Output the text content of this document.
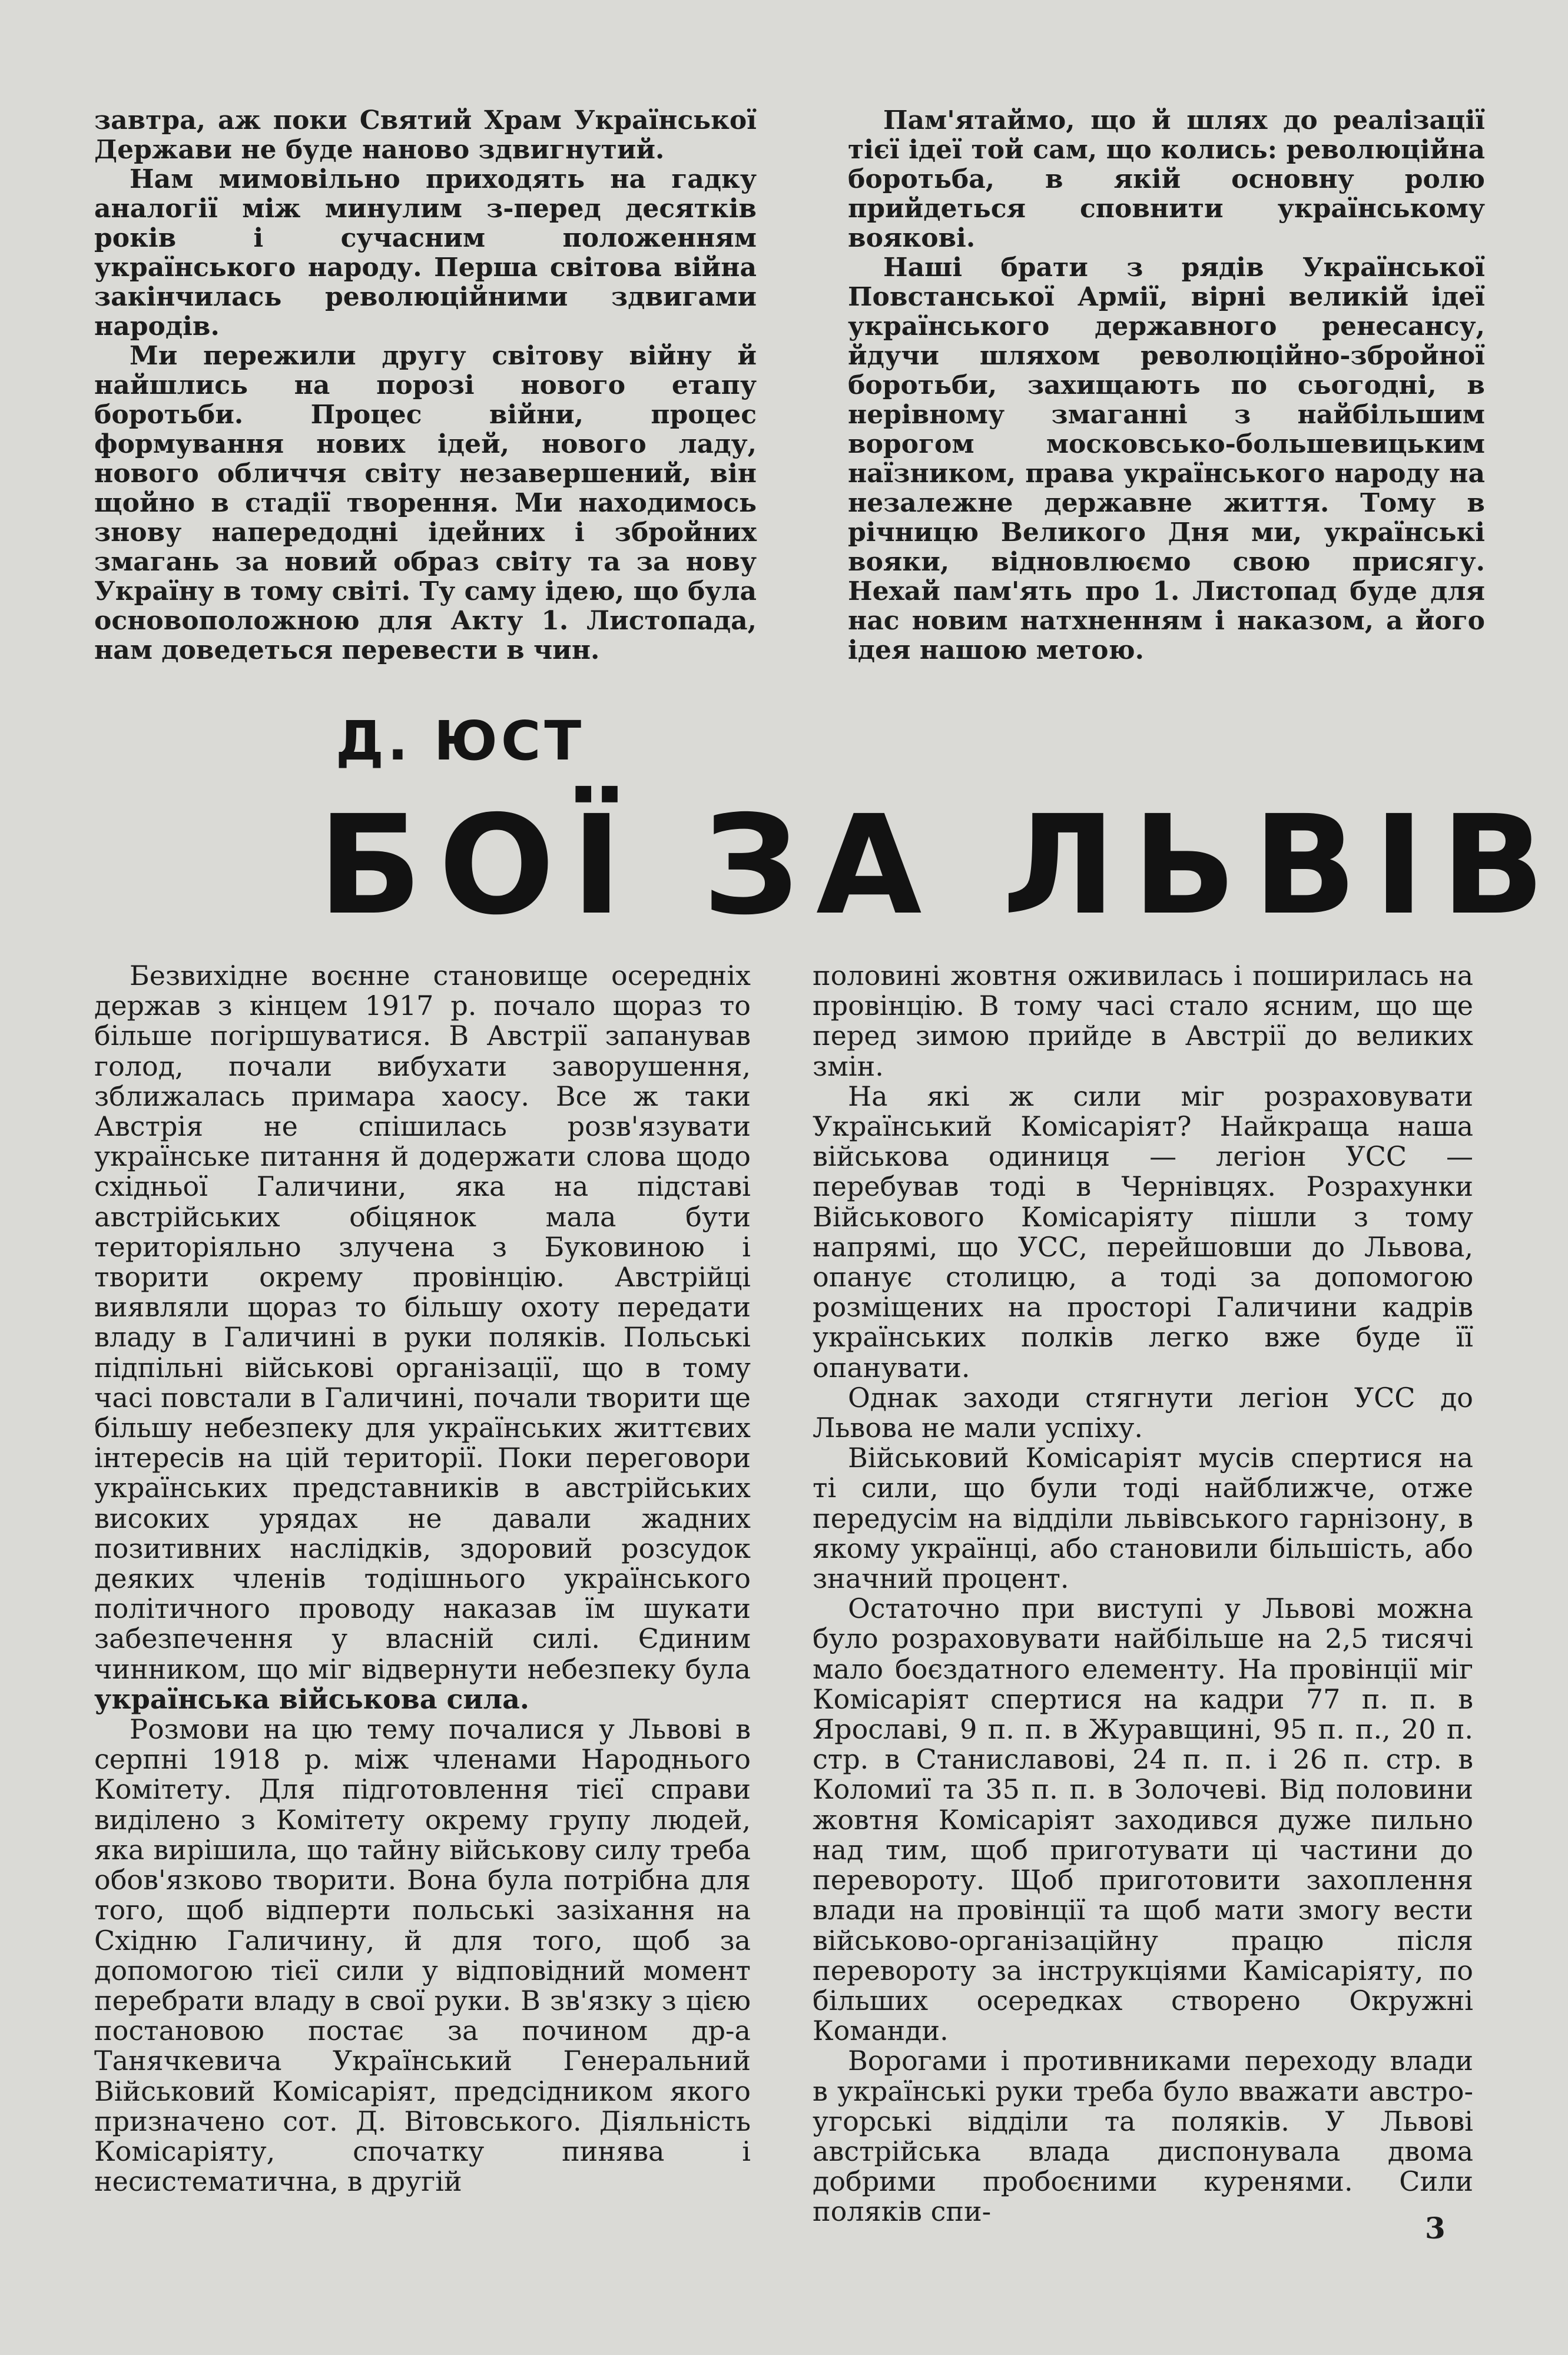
завтра, аж поки Святий Храм Української Держави не буде наново здвигнутий.

Нам мимовільно приходять на гадку аналогії між минулим з-перед десятків років і сучасним положенням українського народу. Перша світова війна закінчилась революційними здвигами народів.

Ми пережили другу світову війну й найшлись на порозі нового етапу боротьби. Процес війни, процес формування нових ідей, нового ладу, нового обличчя світу незавершений, він щойно в стадії творення. Ми находимось знову напередодні ідейних і збройних змагань за новий образ світу та за нову Україну в тому світі. Ту саму ідею, що була основоположною для Акту 1. Листопада, нам доведеться перевести в чин.

Пам'ятаймо, що й шлях до реалізації тієї ідеї той сам, що колись: революційна боротьба, в якій основну ролю прийдеться сповнити українському воякові.

Наші брати з рядів Української Повстанської Армії, вірні великій ідеї українського державного ренесансу, йдучи шляхом революційно-збройної боротьби, захищають по сьогодні, в нерівному змаганні з найбільшим ворогом московсько-большевицьким наїзником, права українського народу на незалежне державне життя. Тому в річницю Великого Дня ми, українські вояки, відновлюємо свою присягу. Нехай пам'ять про 1. Листопад буде для нас новим натхненням і наказом, а його ідея нашою метою.

Д. ЮСТ
БОЇ ЗА ЛЬВІВ

Безвихідне воєнне становище осередніх держав з кінцем 1917 р. почало щораз то більше погіршуватися. В Австрії запанував голод, почали вибухати заворушення, зближалась примара хаосу. Все ж таки Австрія не спішилась розв'язувати українське питання й додержати слова щодо східньої Галичини, яка на підставі австрійських обіцянок мала бути територіяльно злучена з Буковиною і творити окрему провінцію. Австрійці виявляли щораз то більшу охоту передати владу в Галичині в руки поляків. Польські підпільні військові організації, що в тому часі повстали в Галичині, почали творити ще більшу небезпеку для українських життєвих інтересів на цій території. Поки переговори українських представників в австрійських високих урядах не давали жадних позитивних наслідків, здоровий розсудок деяких членів тодішнього українського політичного проводу наказав їм шукати забезпечення у власній силі. Єдиним чинником, що міг відвернути небезпеку була українська військова сила.

Розмови на цю тему почалися у Львові в серпні 1918 р. між членами Народнього Комітету. Для підготовлення тієї справи виділено з Комітету окрему групу людей, яка вирішила, що тайну військову силу треба обов'язково творити. Вона була потрібна для того, щоб відперти польські зазіхання на Східню Галичину, й для того, щоб за допомогою тієї сили у відповідний момент перебрати владу в свої руки. В зв'язку з цією постановою постає за почином др-а Танячкевича Український Генеральний Військовий Комісаріят, предсідником якого призначено сот. Д. Вітовського. Діяльність Комісаріяту, спочатку пинява і несистематична, в другій

половині жовтня оживилась і поширилась на провінцію. В тому часі стало ясним, що ще перед зимою прийде в Австрії до великих змін.

На які ж сили міг розраховувати Український Комісаріят? Найкраща наша військова одиниця — легіон УСС — перебував тоді в Чернівцях. Розрахунки Військового Комісаріяту пішли з тому напрямі, що УСС, перейшовши до Львова, опанує столицю, а тоді за допомогою розміщених на просторі Галичини кадрів українських полків легко вже буде її опанувати.

Однак заходи стягнути легіон УСС до Львова не мали успіху.

Військовий Комісаріят мусів спертися на ті сили, що були тоді найближче, отже передусім на відділи львівського гарнізону, в якому українці, або становили більшість, або значний процент.

Остаточно при виступі у Львові можна було розраховувати найбільше на 2,5 тисячі мало боєздатного елементу. На провінції міг Комісаріят спертися на кадри 77 п. п. в Ярославі, 9 п. п. в Журавщині, 95 п. п., 20 п. стр. в Станиславові, 24 п. п. і 26 п. стр. в Коломиї та 35 п. п. в Золочеві. Від половини жовтня Комісаріят заходився дуже пильно над тим, щоб приготувати ці частини до перевороту. Щоб приготовити захоплення влади на провінції та щоб мати змогу вести військово-організаційну працю після перевороту за інструкціями Камісаріяту, по більших осередках створено Окружні Команди.

Ворогами і противниками переходу влади в українські руки треба було вважати австро-угорські відділи та поляків. У Львові австрійська влада диспонувала двома добрими пробоєними куренями. Сили поляків спи-	3
